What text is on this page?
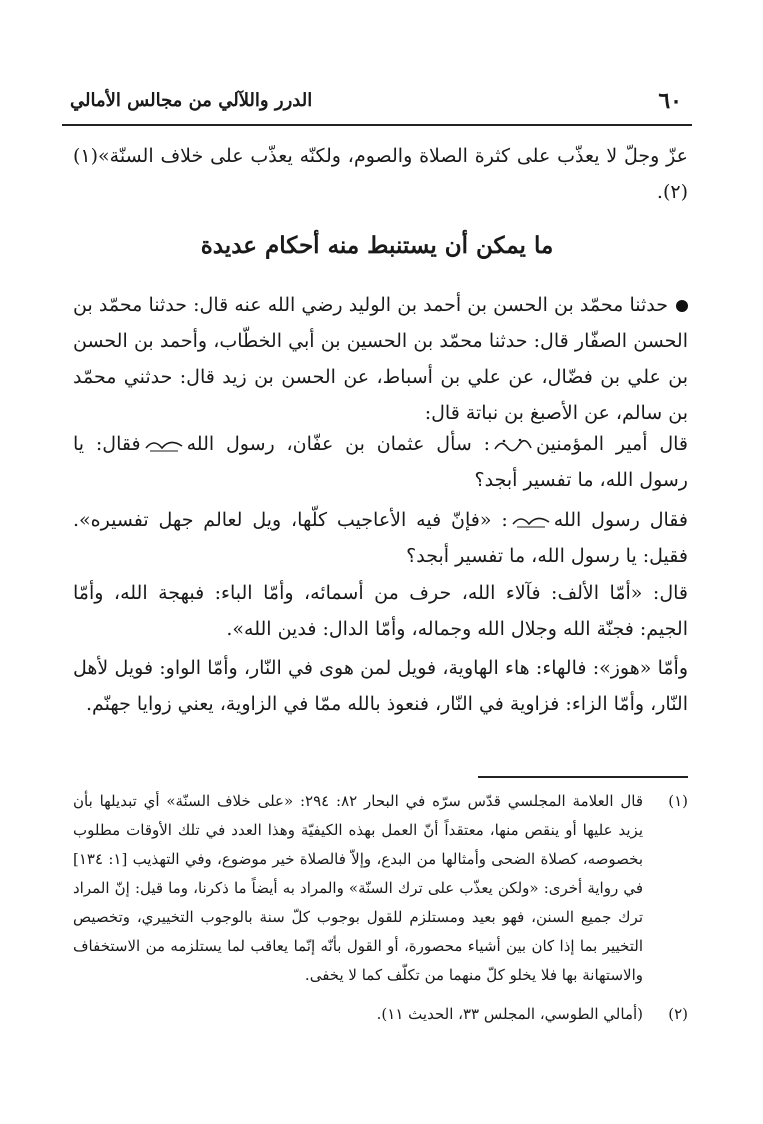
٦٠
الدرر واللآلي من مجالس الأمالي

عزّ وجلّ لا يعذّب على كثرة الصلاة والصوم، ولكنّه يعذّب على خلاف السنّة»(١)(٢).

ما يمكن أن يستنبط منه أحكام عديدة

حدثنا محمّد بن الحسن بن أحمد بن الوليد رضي الله عنه قال: حدثنا محمّد بن الحسن الصفّار قال: حدثنا محمّد بن الحسين بن أبي الخطّاب، وأحمد بن الحسن بن علي بن فضّال، عن علي بن أسباط، عن الحسن بن زيد قال: حدثني محمّد بن سالم، عن الأصبغ بن نباتة قال:

قال أمير المؤمنين
: سأل عثمان بن عفّان، رسول الله
فقال: يا رسول الله، ما تفسير أبجد؟

فقال رسول الله
: «فإنّ فيه الأعاجيب كلّها، ويل لعالم جهل تفسيره». فقيل: يا رسول الله، ما تفسير أبجد؟

قال: «أمّا الألف: فآلاء الله، حرف من أسمائه، وأمّا الباء: فبهجة الله، وأمّا الجيم: فجنّة الله وجلال الله وجماله، وأمّا الدال: فدين الله».

وأمّا «هوز»: فالهاء: هاء الهاوية، فويل لمن هوى في النّار، وأمّا الواو: فويل لأهل النّار، وأمّا الزاء: فزاوية في النّار، فنعوذ بالله ممّا في الزاوية، يعني زوايا جهنّم.

(١)
قال العلامة المجلسي قدّس سرّه في البحار ٨٢: ٢٩٤: «على خلاف السنّة» أي تبديلها بأن يزيد عليها أو ينقص منها، معتقداً أنّ العمل بهذه الكيفيّة وهذا العدد في تلك الأوقات مطلوب بخصوصه، كصلاة الضحى وأمثالها من البدع، وإلاّ فالصلاة خير موضوع، وفي التهذيب [١: ١٣٤] في رواية أخرى: «ولكن يعذّب على ترك السنّة» والمراد به أيضاً ما ذكرنا، وما قيل: إنّ المراد ترك جميع السنن، فهو بعيد ومستلزم للقول بوجوب كلّ سنة بالوجوب التخييري، وتخصيص التخيير بما إذا كان بين أشياء محصورة، أو القول بأنّه إنّما يعاقب لما يستلزمه من الاستخفاف والاستهانة بها فلا يخلو كلّ منهما من تكلّف كما لا يخفى.
(٢)
(أمالي الطوسي، المجلس ٣٣، الحديث ١١).
